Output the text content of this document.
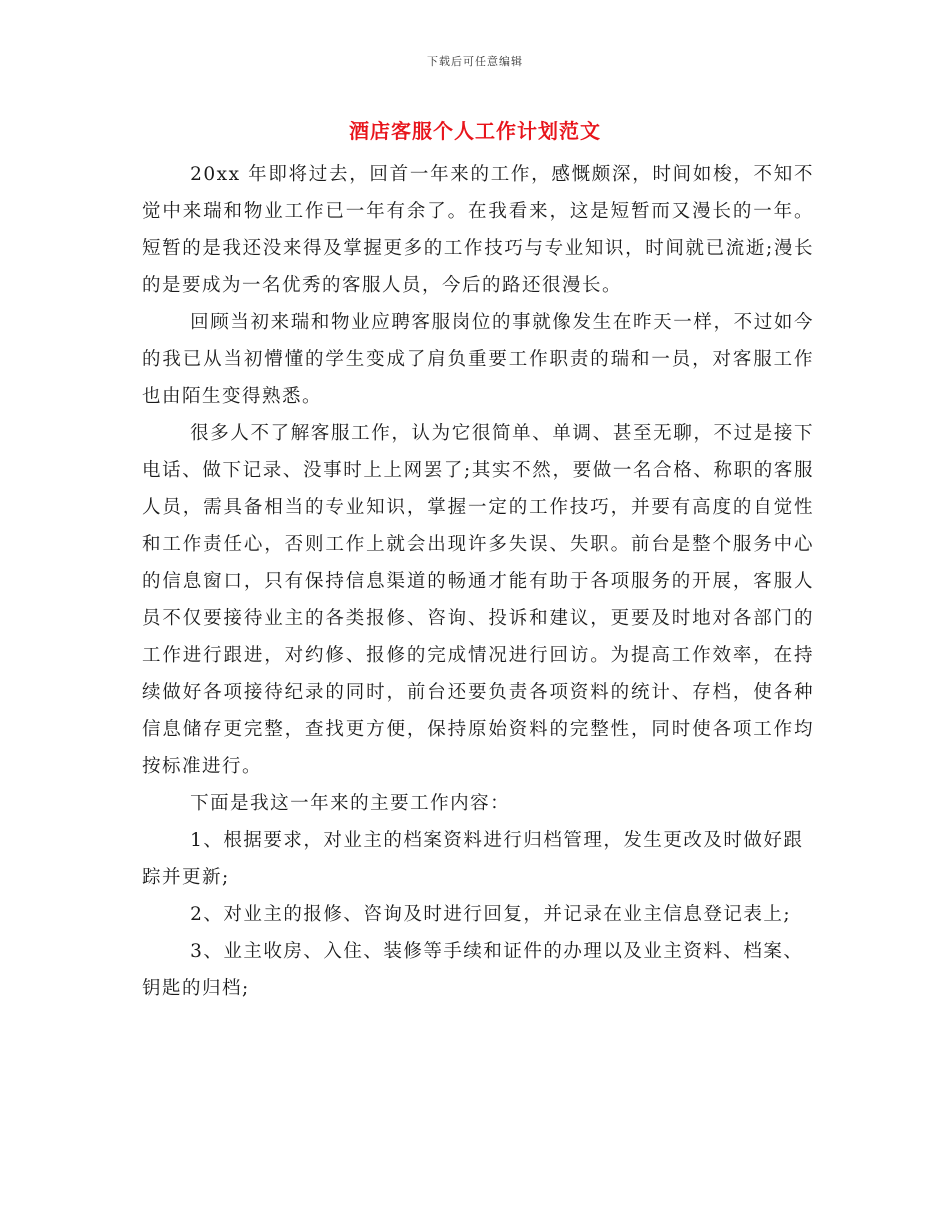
下载后可任意编辑
酒店客服个人工作计划范文

20xx 年即将过去，回首一年来的工作，感慨颇深，时间如梭，不知不觉中来瑞和物业工作已一年有余了。在我看来，这是短暂而又漫长的一年。短暂的是我还没来得及掌握更多的工作技巧与专业知识，时间就已流逝;漫长的是要成为一名优秀的客服人员，今后的路还很漫长。

回顾当初来瑞和物业应聘客服岗位的事就像发生在昨天一样，不过如今的我已从当初懵懂的学生变成了肩负重要工作职责的瑞和一员，对客服工作也由陌生变得熟悉。

很多人不了解客服工作，认为它很简单、单调、甚至无聊，不过是接下电话、做下记录、没事时上上网罢了;其实不然，要做一名合格、称职的客服人员，需具备相当的专业知识，掌握一定的工作技巧，并要有高度的自觉性和工作责任心，否则工作上就会出现许多失误、失职。前台是整个服务中心的信息窗口，只有保持信息渠道的畅通才能有助于各项服务的开展，客服人员不仅要接待业主的各类报修、咨询、投诉和建议，更要及时地对各部门的工作进行跟进，对约修、报修的完成情况进行回访。为提高工作效率，在持续做好各项接待纪录的同时，前台还要负责各项资料的统计、存档，使各种信息储存更完整，查找更方便，保持原始资料的完整性，同时使各项工作均按标准进行。

下面是我这一年来的主要工作内容：

1、根据要求，对业主的档案资料进行归档管理，发生更改及时做好跟踪并更新;

2、对业主的报修、咨询及时进行回复，并记录在业主信息登记表上;

3、业主收房、入住、装修等手续和证件的办理以及业主资料、档案、钥匙的归档;
